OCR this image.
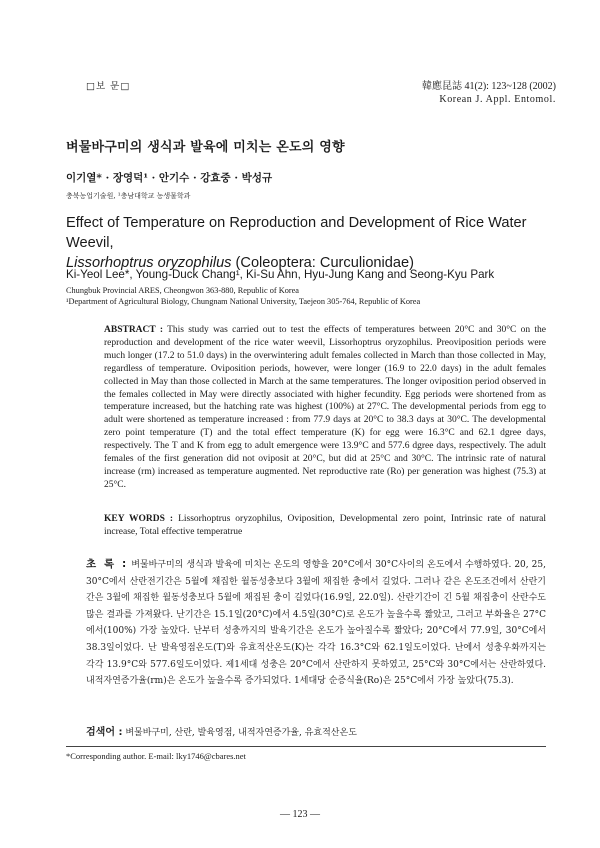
□보 문□	韓應昆誌 41(2): 123~128 (2002)
Korean J. Appl. Entomol.
벼물바구미의 생식과 발육에 미치는 온도의 영향
이기열* · 장영덕¹ · 안기수 · 강효중 · 박성규
충북농업기술원, ¹충남대학교 농생물학과
Effect of Temperature on Reproduction and Development of Rice Water Weevil,
Lissorhoptrus oryzophilus (Coleoptera: Curculionidae)
Ki-Yeol Lee*, Young-Duck Chang¹, Ki-Su Ahn, Hyu-Jung Kang and Seong-Kyu Park
Chungbuk Provincial ARES, Cheongwon 363-880, Republic of Korea
¹Department of Agricultural Biology, Chungnam National University, Taejeon 305-764, Republic of Korea
ABSTRACT : This study was carried out to test the effects of temperatures between 20°C and 30°C on the reproduction and development of the rice water weevil, Lissorhoptrus oryzophilus. Preoviposition periods were much longer (17.2 to 51.0 days) in the overwintering adult females collected in March than those collected in May, regardless of temperature. Oviposition periods, however, were longer (16.9 to 22.0 days) in the adult females collected in May than those collected in March at the same temperatures. The longer oviposition period observed in the females collected in May were directly associated with higher fecundity. Egg periods were shortened from as temperature increased, but the hatching rate was highest (100%) at 27°C. The developmental periods from egg to adult were shortened as temperature increased : from 77.9 days at 20°C to 38.3 days at 30°C. The developmental zero point temperature (T) and the total effect temperature (K) for egg were 16.3°C and 62.1 dgree days, respectively. The T and K from egg to adult emergence were 13.9°C and 577.6 dgree days, respectively. The adult females of the first generation did not oviposit at 20°C, but did at 25°C and 30°C. The intrinsic rate of natural increase (rm) increased as temperature augmented. Net reproductive rate (Ro) per generation was highest (75.3) at 25°C.
KEY WORDS : Lissorhoptrus oryzophilus, Oviposition, Developmental zero point, Intrinsic rate of natural increase, Total effective temperatrue
초 록 : 벼물바구미의 생식과 발육에 미치는 온도의 영향을 20°C에서 30°C사이의 온도에서 수행하였다. 20, 25, 30°C에서 산란전기간은 5월에 채집한 월동성충보다 3월에 채집한 충에서 길었다. 그러나 같은 온도조건에서 산란기간은 3월에 채집한 월동성충보다 5월에 채집된 충이 길었다(16.9일, 22.0일). 산란기간이 긴 5월 채집충이 산란수도 많은 결과를 가져왔다. 난기간은 15.1일(20°C)에서 4.5일(30°C)로 온도가 높을수록 짧았고, 그러고 부화율은 27°C에서(100%) 가장 높았다. 난부터 성충까지의 발육기간은 온도가 높아질수록 짧았다; 20°C에서 77.9일, 30°C에서 38.3일이었다. 난 발육영점온도(T)와 유효적산온도(K)는 각각 16.3°C와 62.1일도이었다. 난에서 성충우화까지는 각각 13.9°C와 577.6일도이었다. 제1세대 성충은 20°C에서 산란하지 못하였고, 25°C와 30°C에서는 산란하였다. 내적자연증가율(rm)은 온도가 높을수록 증가되었다. 1세대당 순증식율(Ro)은 25°C에서 가장 높았다(75.3).
검색어 : 벼물바구미, 산란, 발육영점, 내적자연증가율, 유효적산온도
*Corresponding author. E-mail: lky1746@cbares.net
— 123 —
